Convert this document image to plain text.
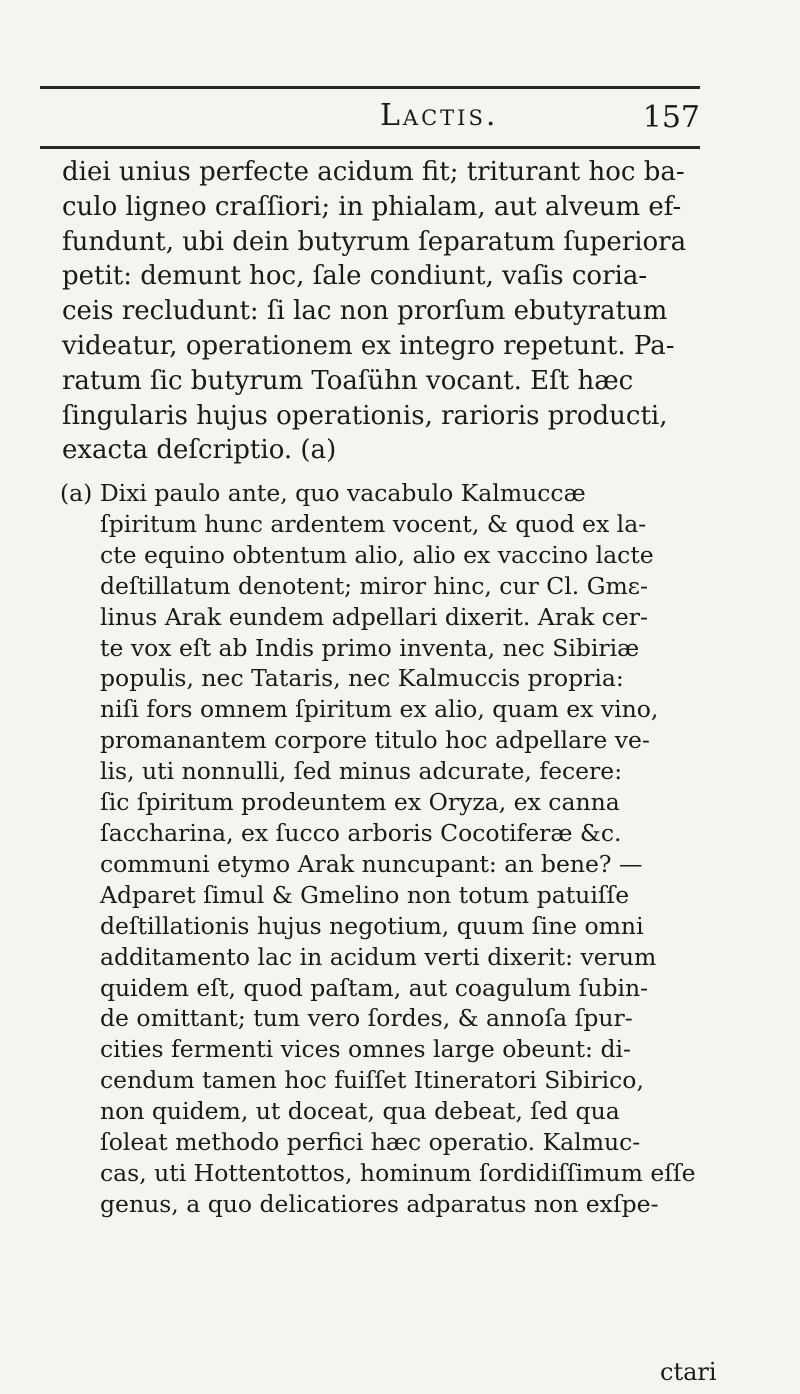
Lactis.	157
diei unius perfecte acidum fit; triturant hoc ba-
culo ligneo craſſiori; in phialam, aut alveum ef-
fundunt, ubi dein butyrum ſeparatum ſuperiora
petit: demunt hoc, ſale condiunt, vaſis coria-
ceis recludunt: ſi lac non prorſum ebutyratum
videatur, operationem ex integro repetunt. Pa-
ratum ſic butyrum Toaſühn vocant. Eſt hæc
ſingularis hujus operationis, rarioris producti,
exacta deſcriptio. (a)
(a) Dixi paulo ante, quo vacabulo Kalmuccæ
ſpiritum hunc ardentem vocent, & quod ex la-
cte equino obtentum alio, alio ex vaccino lacte
deſtillatum denotent; miror hinc, cur Cl. Gmε-
linus Arak eundem adpellari dixerit. Arak cer-
te vox eſt ab Indis primo inventa, nec Sibiriæ
populis, nec Tataris, nec Kalmuccis propria:
niſi fors omnem ſpiritum ex alio, quam ex vino,
promanantem corpore titulo hoc adpellare ve-
lis, uti nonnulli, ſed minus adcurate, fecere:
ſic ſpiritum prodeuntem ex Oryza, ex canna
ſaccharina, ex ſucco arboris Cocotiferæ &c.
communi etymo Arak nuncupant: an bene? —
Adparet ſimul & Gmelino non totum patuiſſe
deſtillationis hujus negotium, quum ſine omni
additamento lac in acidum verti dixerit: verum
quidem eſt, quod paſtam, aut coagulum ſubin-
de omittant; tum vero ſordes, & annoſa ſpur-
cities fermenti vices omnes large obeunt: di-
cendum tamen hoc fuiſſet Itineratori Sibirico,
non quidem, ut doceat, qua debeat, ſed qua
ſoleat methodo perfici hæc operatio. Kalmuc-
cas, uti Hottentottos, hominum ſordidiſſimum eſſe
genus, a quo delicatiores adparatus non exſpe-
ctari
